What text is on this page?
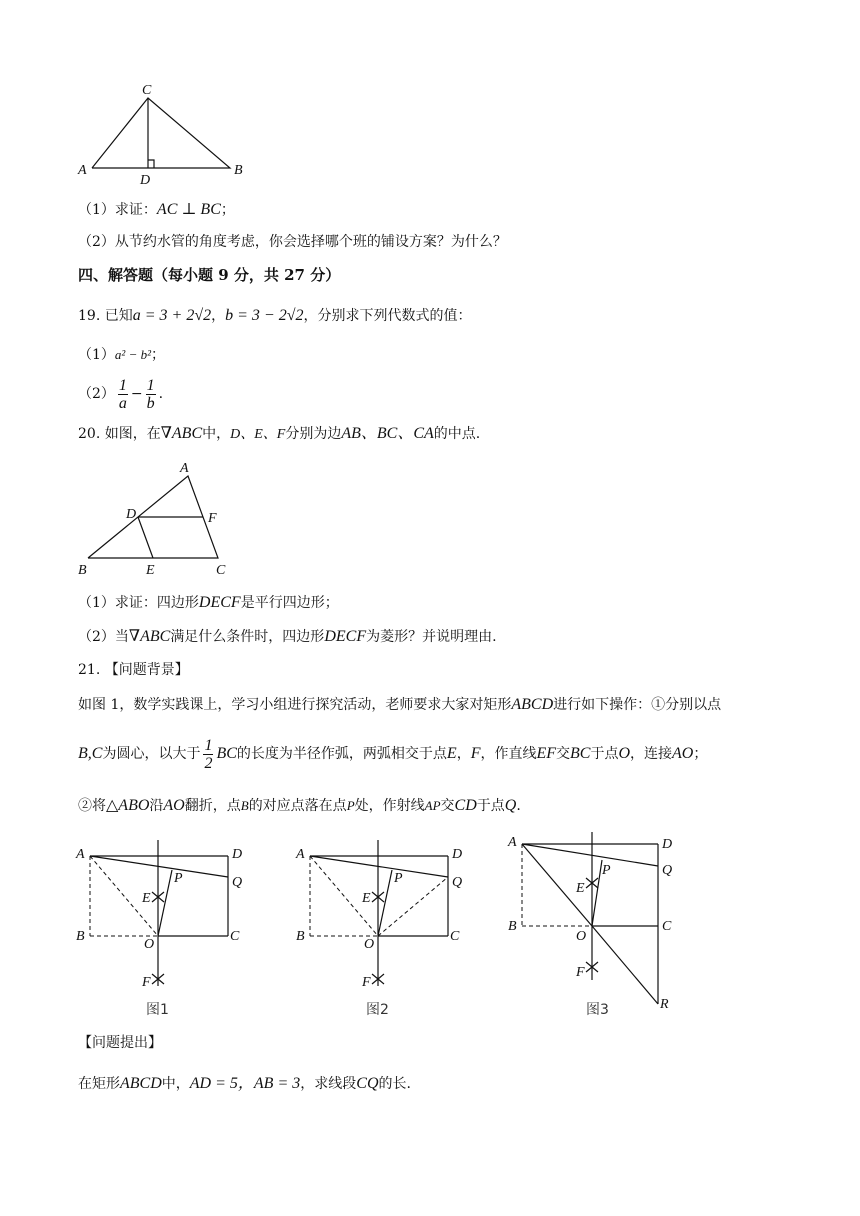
C
A
D
B
（1）求证：AC ⊥ BC；
（2）从节约水管的角度考虑，你会选择哪个班的铺设方案？为什么？
四、解答题（每小题 9 分，共 27 分）
19. 已知a = 3 + 2√2，b = 3 − 2√2，分别求下列代数式的值：
（1）a² − b²；
$(2) \frac{1}{a} - \frac{1}{b}$ .
20. 如图，在∇ABC中，D、E、F分别为边AB、BC、CA的中点.
A
D	F
B	E	C
（1）求证：四边形DECF是平行四边形；
（2）当∇ABC满足什么条件时，四边形DECF为菱形？并说明理由.
21. 【问题背景】
如图 1，数学实践课上，学习小组进行探究活动，老师要求大家对矩形ABCD进行如下操作：①分别以点
B,C为圆心，以大于 $\frac{1}{2}$ BC的长度为半径作弧，两弧相交于点E，F，作直线EF交BC于点O，连接AO；
②将△ABO沿AO翻折，点B的对应点落在点P处，作射线AP交CD于点Q.
A	D
P	Q
E
B
O
C
F
图1
A	D
P	Q
E
B
O
C
F
图2
A	D
P	Q
E
B
O
C
F
R
图3
【问题提出】
在矩形ABCD中，AD = 5，AB = 3，求线段CQ的长.
